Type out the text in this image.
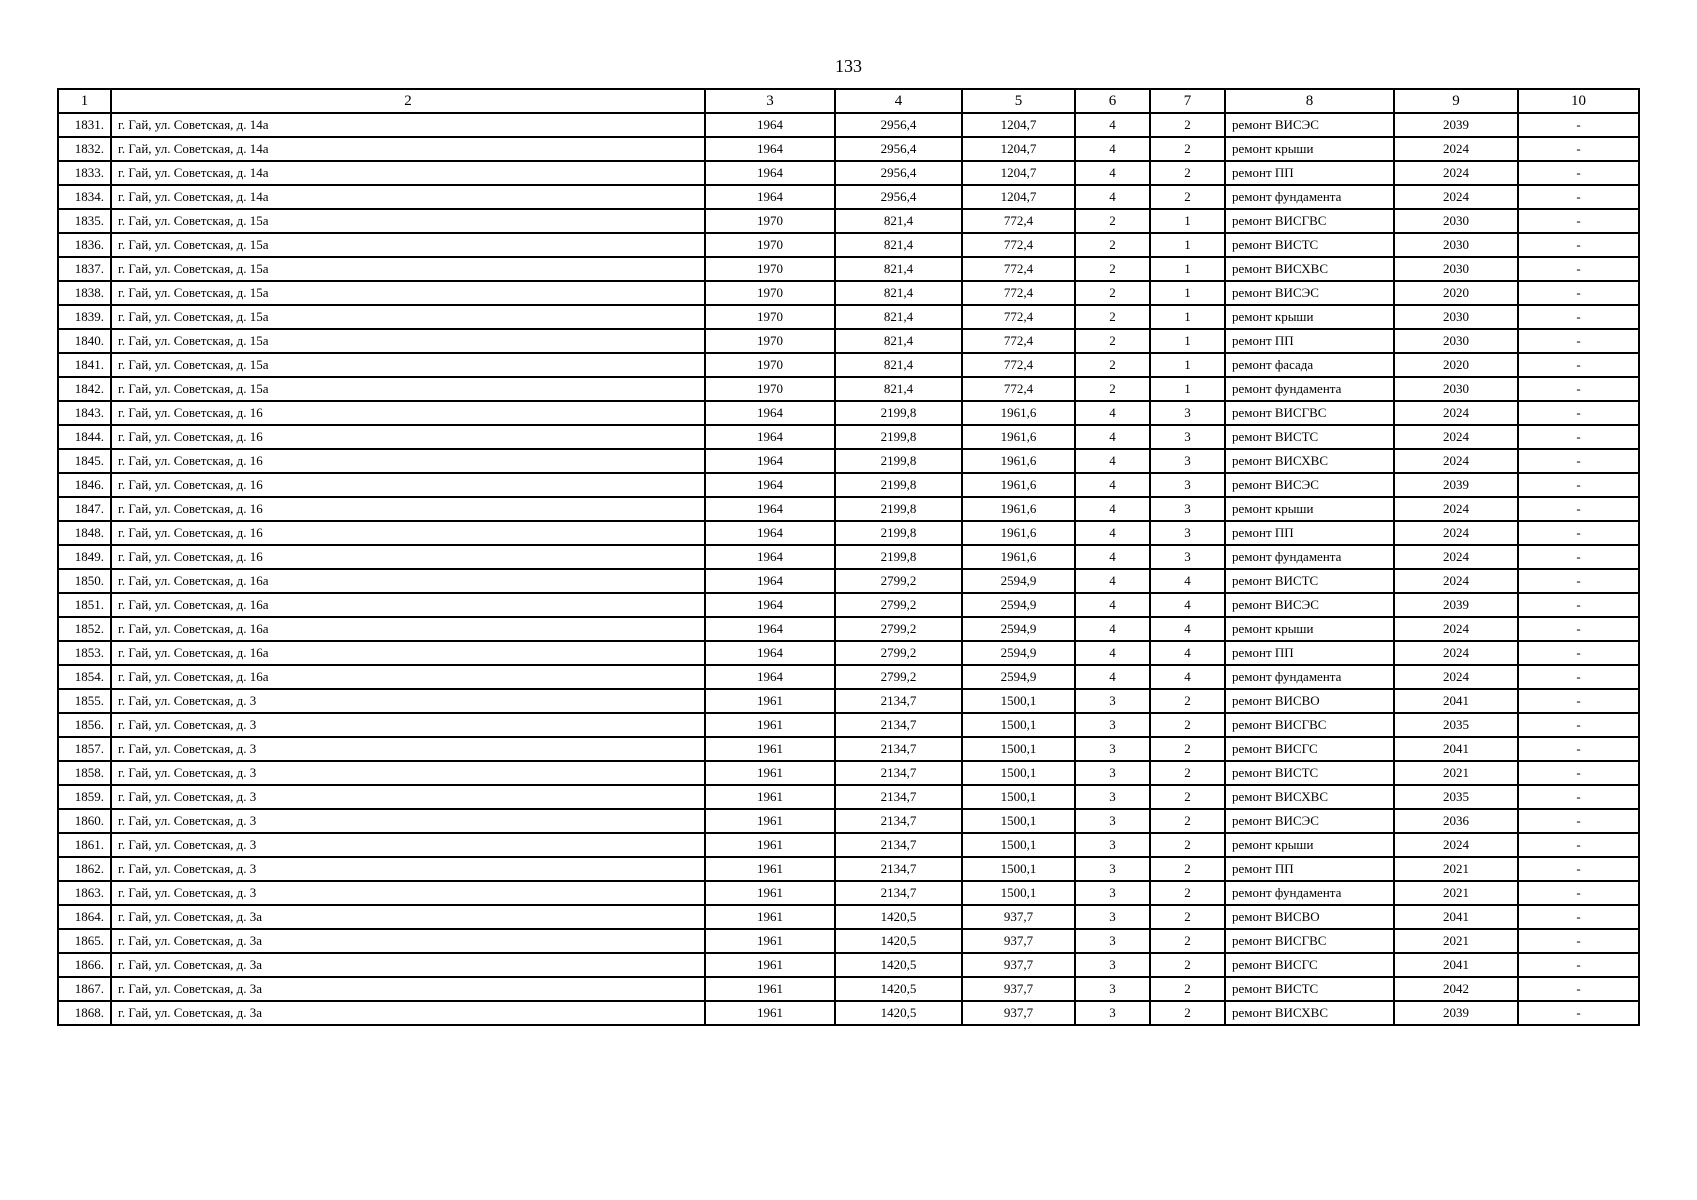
133
1	2	3	4	5	6	7	8	9	10
1831.	г. Гай, ул. Советская, д. 14а	1964	2956,4	1204,7	4	2	ремонт ВИСЭС	2039	-
1832.	г. Гай, ул. Советская, д. 14а	1964	2956,4	1204,7	4	2	ремонт крыши	2024	-
1833.	г. Гай, ул. Советская, д. 14а	1964	2956,4	1204,7	4	2	ремонт ПП	2024	-
1834.	г. Гай, ул. Советская, д. 14а	1964	2956,4	1204,7	4	2	ремонт фундамента	2024	-
1835.	г. Гай, ул. Советская, д. 15а	1970	821,4	772,4	2	1	ремонт ВИСГВС	2030	-
1836.	г. Гай, ул. Советская, д. 15а	1970	821,4	772,4	2	1	ремонт ВИСТС	2030	-
1837.	г. Гай, ул. Советская, д. 15а	1970	821,4	772,4	2	1	ремонт ВИСХВС	2030	-
1838.	г. Гай, ул. Советская, д. 15а	1970	821,4	772,4	2	1	ремонт ВИСЭС	2020	-
1839.	г. Гай, ул. Советская, д. 15а	1970	821,4	772,4	2	1	ремонт крыши	2030	-
1840.	г. Гай, ул. Советская, д. 15а	1970	821,4	772,4	2	1	ремонт ПП	2030	-
1841.	г. Гай, ул. Советская, д. 15а	1970	821,4	772,4	2	1	ремонт фасада	2020	-
1842.	г. Гай, ул. Советская, д. 15а	1970	821,4	772,4	2	1	ремонт фундамента	2030	-
1843.	г. Гай, ул. Советская, д. 16	1964	2199,8	1961,6	4	3	ремонт ВИСГВС	2024	-
1844.	г. Гай, ул. Советская, д. 16	1964	2199,8	1961,6	4	3	ремонт ВИСТС	2024	-
1845.	г. Гай, ул. Советская, д. 16	1964	2199,8	1961,6	4	3	ремонт ВИСХВС	2024	-
1846.	г. Гай, ул. Советская, д. 16	1964	2199,8	1961,6	4	3	ремонт ВИСЭС	2039	-
1847.	г. Гай, ул. Советская, д. 16	1964	2199,8	1961,6	4	3	ремонт крыши	2024	-
1848.	г. Гай, ул. Советская, д. 16	1964	2199,8	1961,6	4	3	ремонт ПП	2024	-
1849.	г. Гай, ул. Советская, д. 16	1964	2199,8	1961,6	4	3	ремонт фундамента	2024	-
1850.	г. Гай, ул. Советская, д. 16а	1964	2799,2	2594,9	4	4	ремонт ВИСТС	2024	-
1851.	г. Гай, ул. Советская, д. 16а	1964	2799,2	2594,9	4	4	ремонт ВИСЭС	2039	-
1852.	г. Гай, ул. Советская, д. 16а	1964	2799,2	2594,9	4	4	ремонт крыши	2024	-
1853.	г. Гай, ул. Советская, д. 16а	1964	2799,2	2594,9	4	4	ремонт ПП	2024	-
1854.	г. Гай, ул. Советская, д. 16а	1964	2799,2	2594,9	4	4	ремонт фундамента	2024	-
1855.	г. Гай, ул. Советская, д. 3	1961	2134,7	1500,1	3	2	ремонт ВИСВО	2041	-
1856.	г. Гай, ул. Советская, д. 3	1961	2134,7	1500,1	3	2	ремонт ВИСГВС	2035	-
1857.	г. Гай, ул. Советская, д. 3	1961	2134,7	1500,1	3	2	ремонт ВИСГС	2041	-
1858.	г. Гай, ул. Советская, д. 3	1961	2134,7	1500,1	3	2	ремонт ВИСТС	2021	-
1859.	г. Гай, ул. Советская, д. 3	1961	2134,7	1500,1	3	2	ремонт ВИСХВС	2035	-
1860.	г. Гай, ул. Советская, д. 3	1961	2134,7	1500,1	3	2	ремонт ВИСЭС	2036	-
1861.	г. Гай, ул. Советская, д. 3	1961	2134,7	1500,1	3	2	ремонт крыши	2024	-
1862.	г. Гай, ул. Советская, д. 3	1961	2134,7	1500,1	3	2	ремонт ПП	2021	-
1863.	г. Гай, ул. Советская, д. 3	1961	2134,7	1500,1	3	2	ремонт фундамента	2021	-
1864.	г. Гай, ул. Советская, д. 3а	1961	1420,5	937,7	3	2	ремонт ВИСВО	2041	-
1865.	г. Гай, ул. Советская, д. 3а	1961	1420,5	937,7	3	2	ремонт ВИСГВС	2021	-
1866.	г. Гай, ул. Советская, д. 3а	1961	1420,5	937,7	3	2	ремонт ВИСГС	2041	-
1867.	г. Гай, ул. Советская, д. 3а	1961	1420,5	937,7	3	2	ремонт ВИСТС	2042	-
1868.	г. Гай, ул. Советская, д. 3а	1961	1420,5	937,7	3	2	ремонт ВИСХВС	2039	-
